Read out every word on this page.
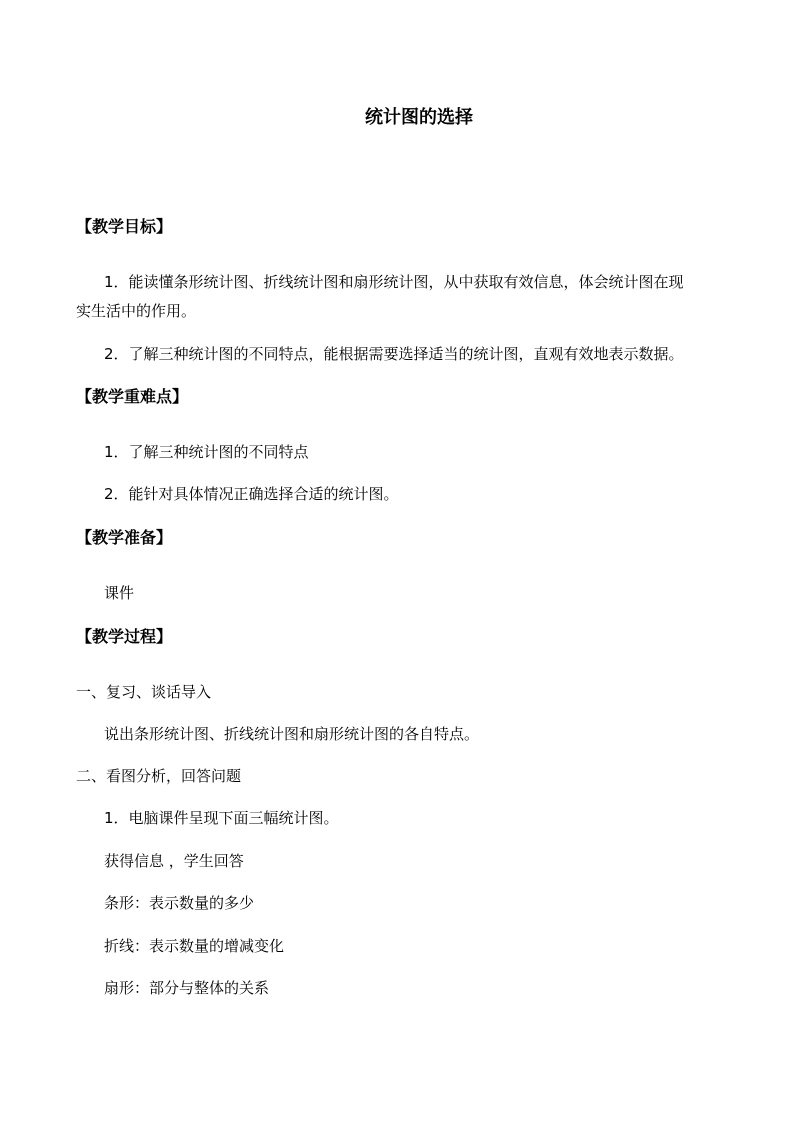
统计图的选择
【教学目标】
1．能读懂条形统计图、折线统计图和扇形统计图，从中获取有效信息，体会统计图在现
实生活中的作用。
2．了解三种统计图的不同特点，能根据需要选择适当的统计图，直观有效地表示数据。
【教学重难点】
1．了解三种统计图的不同特点
2．能针对具体情况正确选择合适的统计图。
【教学准备】
课件
【教学过程】
一、复习、谈话导入
说出条形统计图、折线统计图和扇形统计图的各自特点。
二、看图分析，回答问题
1．电脑课件呈现下面三幅统计图。
获得信息 ，学生回答
条形：表示数量的多少
折线：表示数量的增减变化
扇形：部分与整体的关系
